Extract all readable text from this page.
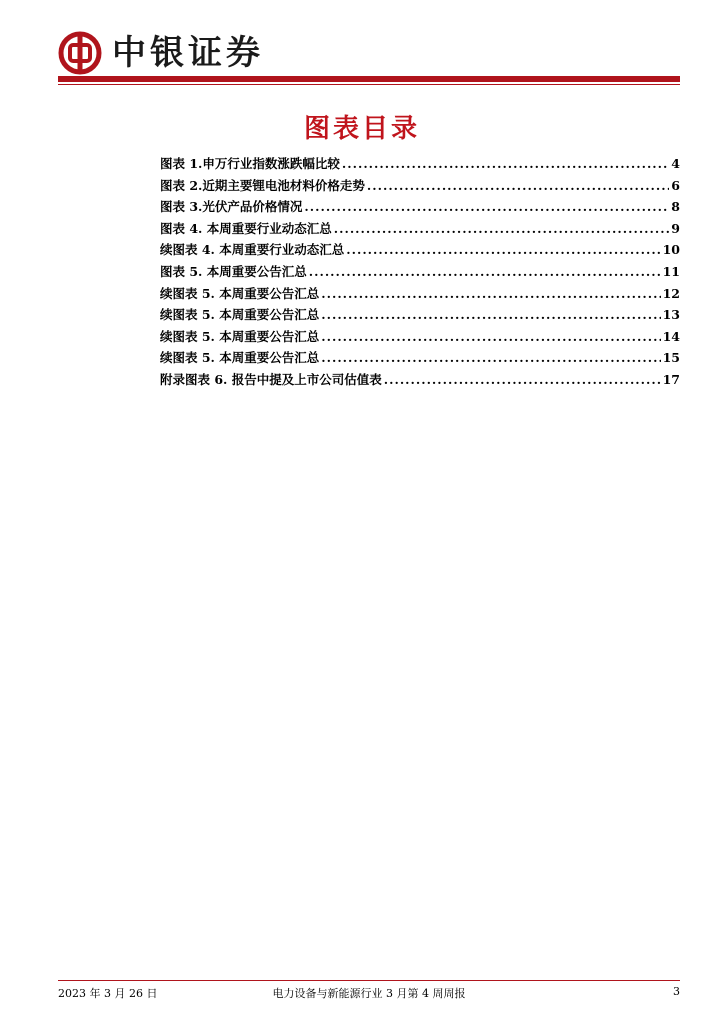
中银证券
图表目录
图表 1.申万行业指数涨跌幅比较 .....	4
图表 2.近期主要锂电池材料价格走势 .....	6
图表 3.光伏产品价格情况 .....	8
图表 4. 本周重要行业动态汇总 .....	9
续图表 4. 本周重要行业动态汇总 .....	10
图表 5. 本周重要公告汇总 .....	11
续图表 5. 本周重要公告汇总 .....	12
续图表 5. 本周重要公告汇总 .....	13
续图表 5. 本周重要公告汇总 .....	14
续图表 5. 本周重要公告汇总 .....	15
附录图表 6. 报告中提及上市公司估值表 .....	17
2023 年 3 月 26 日	电力设备与新能源行业 3 月第 4 周周报	3
